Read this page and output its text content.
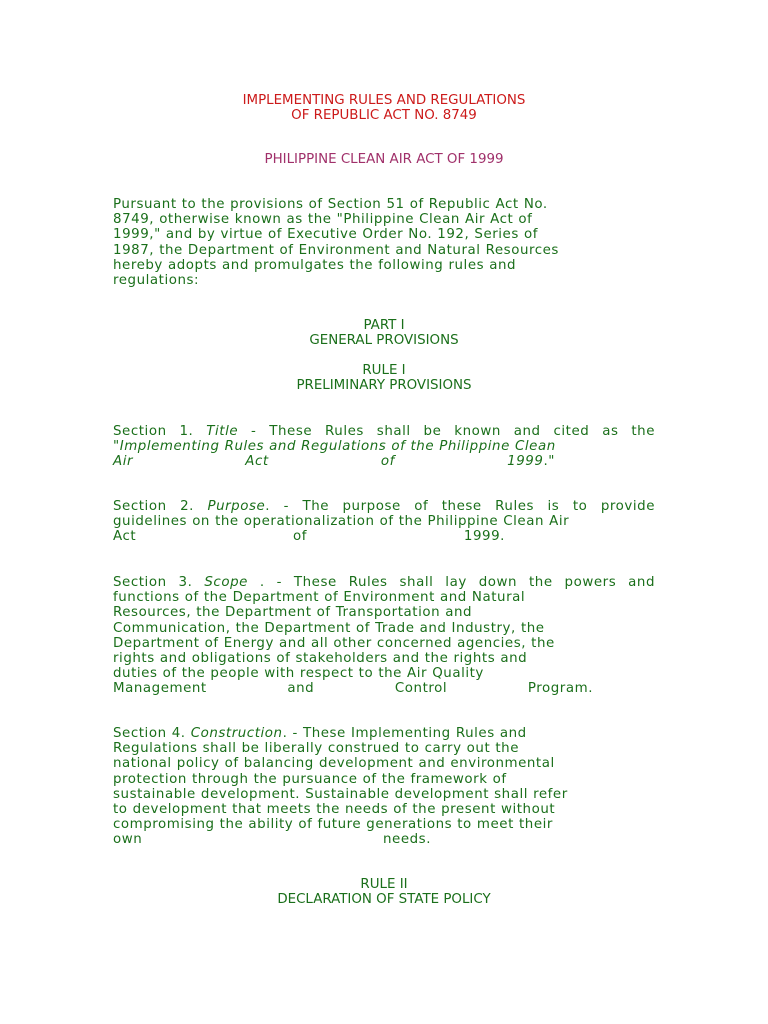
IMPLEMENTING RULES AND REGULATIONS
OF REPUBLIC ACT NO. 8749
PHILIPPINE CLEAN AIR ACT OF 1999
Pursuant to the provisions of Section 51 of Republic Act No.
8749, otherwise known as the "Philippine Clean Air Act of
1999," and by virtue of Executive Order No. 192, Series of
1987, the Department of Environment and Natural Resources
hereby adopts and promulgates the following rules and
regulations:
PART I
GENERAL PROVISIONS
RULE I
PRELIMINARY PROVISIONS
Section 1. Title - These Rules shall be known and cited as the
"Implementing Rules and Regulations of the Philippine Clean
Air	Act	of	1999."
Section 2. Purpose. - The purpose of these Rules is to provide
guidelines on the operationalization of the Philippine Clean Air
Act	of	1999.
Section 3. Scope . - These Rules shall lay down the powers and
functions of the Department of Environment and Natural
Resources, the Department of Transportation and
Communication, the Department of Trade and Industry, the
Department of Energy and all other concerned agencies, the
rights and obligations of stakeholders and the rights and
duties of the people with respect to the Air Quality
Management	and	Control	Program.
Section 4. Construction. - These Implementing Rules and
Regulations shall be liberally construed to carry out the
national policy of balancing development and environmental
protection through the pursuance of the framework of
sustainable development. Sustainable development shall refer
to development that meets the needs of the present without
compromising the ability of future generations to meet their
own	needs.
RULE II
DECLARATION OF STATE POLICY
